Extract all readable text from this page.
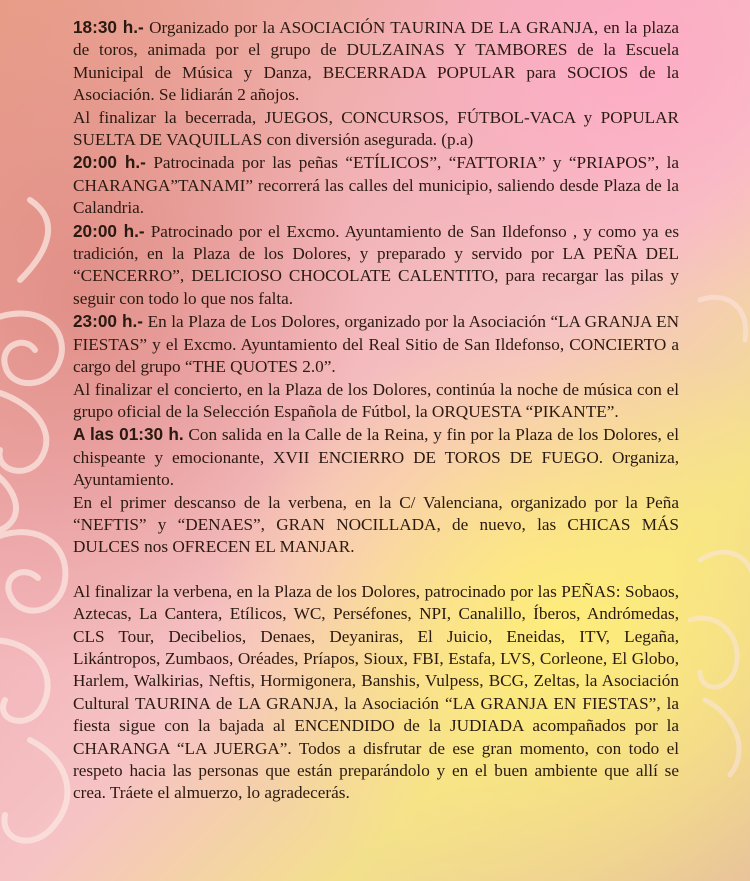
18:30 h.- Organizado por la ASOCIACIÓN TAURINA DE LA GRANJA, en la plaza de toros, animada por el grupo de DULZAINAS Y TAMBORES de la Escuela Municipal de Música y Danza, BECERRADA POPULAR para SOCIOS de la Asociación. Se lidiarán 2 añojos.

Al finalizar la becerrada, JUEGOS, CONCURSOS, FÚTBOL-VACA y POPULAR SUELTA DE VAQUILLAS con diversión asegurada. (p.a)

20:00 h.- Patrocinada por las peñas “ETÍLICOS”, “FATTORIA” y “PRIAPOS”, la CHARANGA”TANAMI” recorrerá las calles del municipio, saliendo desde Plaza de la Calandria.

20:00 h.- Patrocinado por el Excmo. Ayuntamiento de San Ildefonso , y como ya es tradición, en la Plaza de los Dolores, y preparado y servido por LA PEÑA DEL “CENCERRO”, DELICIOSO CHOCOLATE CALENTITO, para recargar las pilas y seguir con todo lo que nos falta.

23:00 h.- En la Plaza de Los Dolores, organizado por la Asociación “LA GRANJA EN FIESTAS” y el Excmo. Ayuntamiento del Real Sitio de San Ildefonso, CONCIERTO a cargo del grupo “THE QUOTES 2.0”.

Al finalizar el concierto, en la Plaza de los Dolores, continúa la noche de música con el grupo oficial de la Selección Española de Fútbol, la ORQUESTA “PIKANTE”.

A las 01:30 h. Con salida en la Calle de la Reina, y fin por la Plaza de los Dolores, el chispeante y emocionante, XVII ENCIERRO DE TOROS DE FUEGO. Organiza, Ayuntamiento.

En el primer descanso de la verbena, en la C/ Valenciana, organizado por la Peña “NEFTIS” y “DENAES”, GRAN NOCILLADA, de nuevo, las CHICAS MÁS DULCES nos OFRECEN EL MANJAR.

Al finalizar la verbena, en la Plaza de los Dolores, patrocinado por las PEÑAS: Sobaos, Aztecas, La Cantera, Etílicos, WC, Perséfones, NPI, Canalillo, Íberos, Andrómedas, CLS Tour, Decibelios, Denaes, Deyaniras, El Juicio, Eneidas, ITV, Legaña, Likántropos, Zumbaos, Oréades, Príapos, Sioux, FBI, Estafa, LVS, Corleone, El Globo, Harlem, Walkirias, Neftis, Hormigonera, Banshis, Vulpess, BCG, Zeltas, la Asociación Cultural TAURINA de LA GRANJA, la Asociación “LA GRANJA EN FIESTAS”, la fiesta sigue con la bajada al ENCENDIDO de la JUDIADA acompañados por la CHARANGA “LA JUERGA”. Todos a disfrutar de ese gran momento, con todo el respeto hacia las personas que están preparándolo y en el buen ambiente que allí se crea. Tráete el almuerzo, lo agradecerás.
